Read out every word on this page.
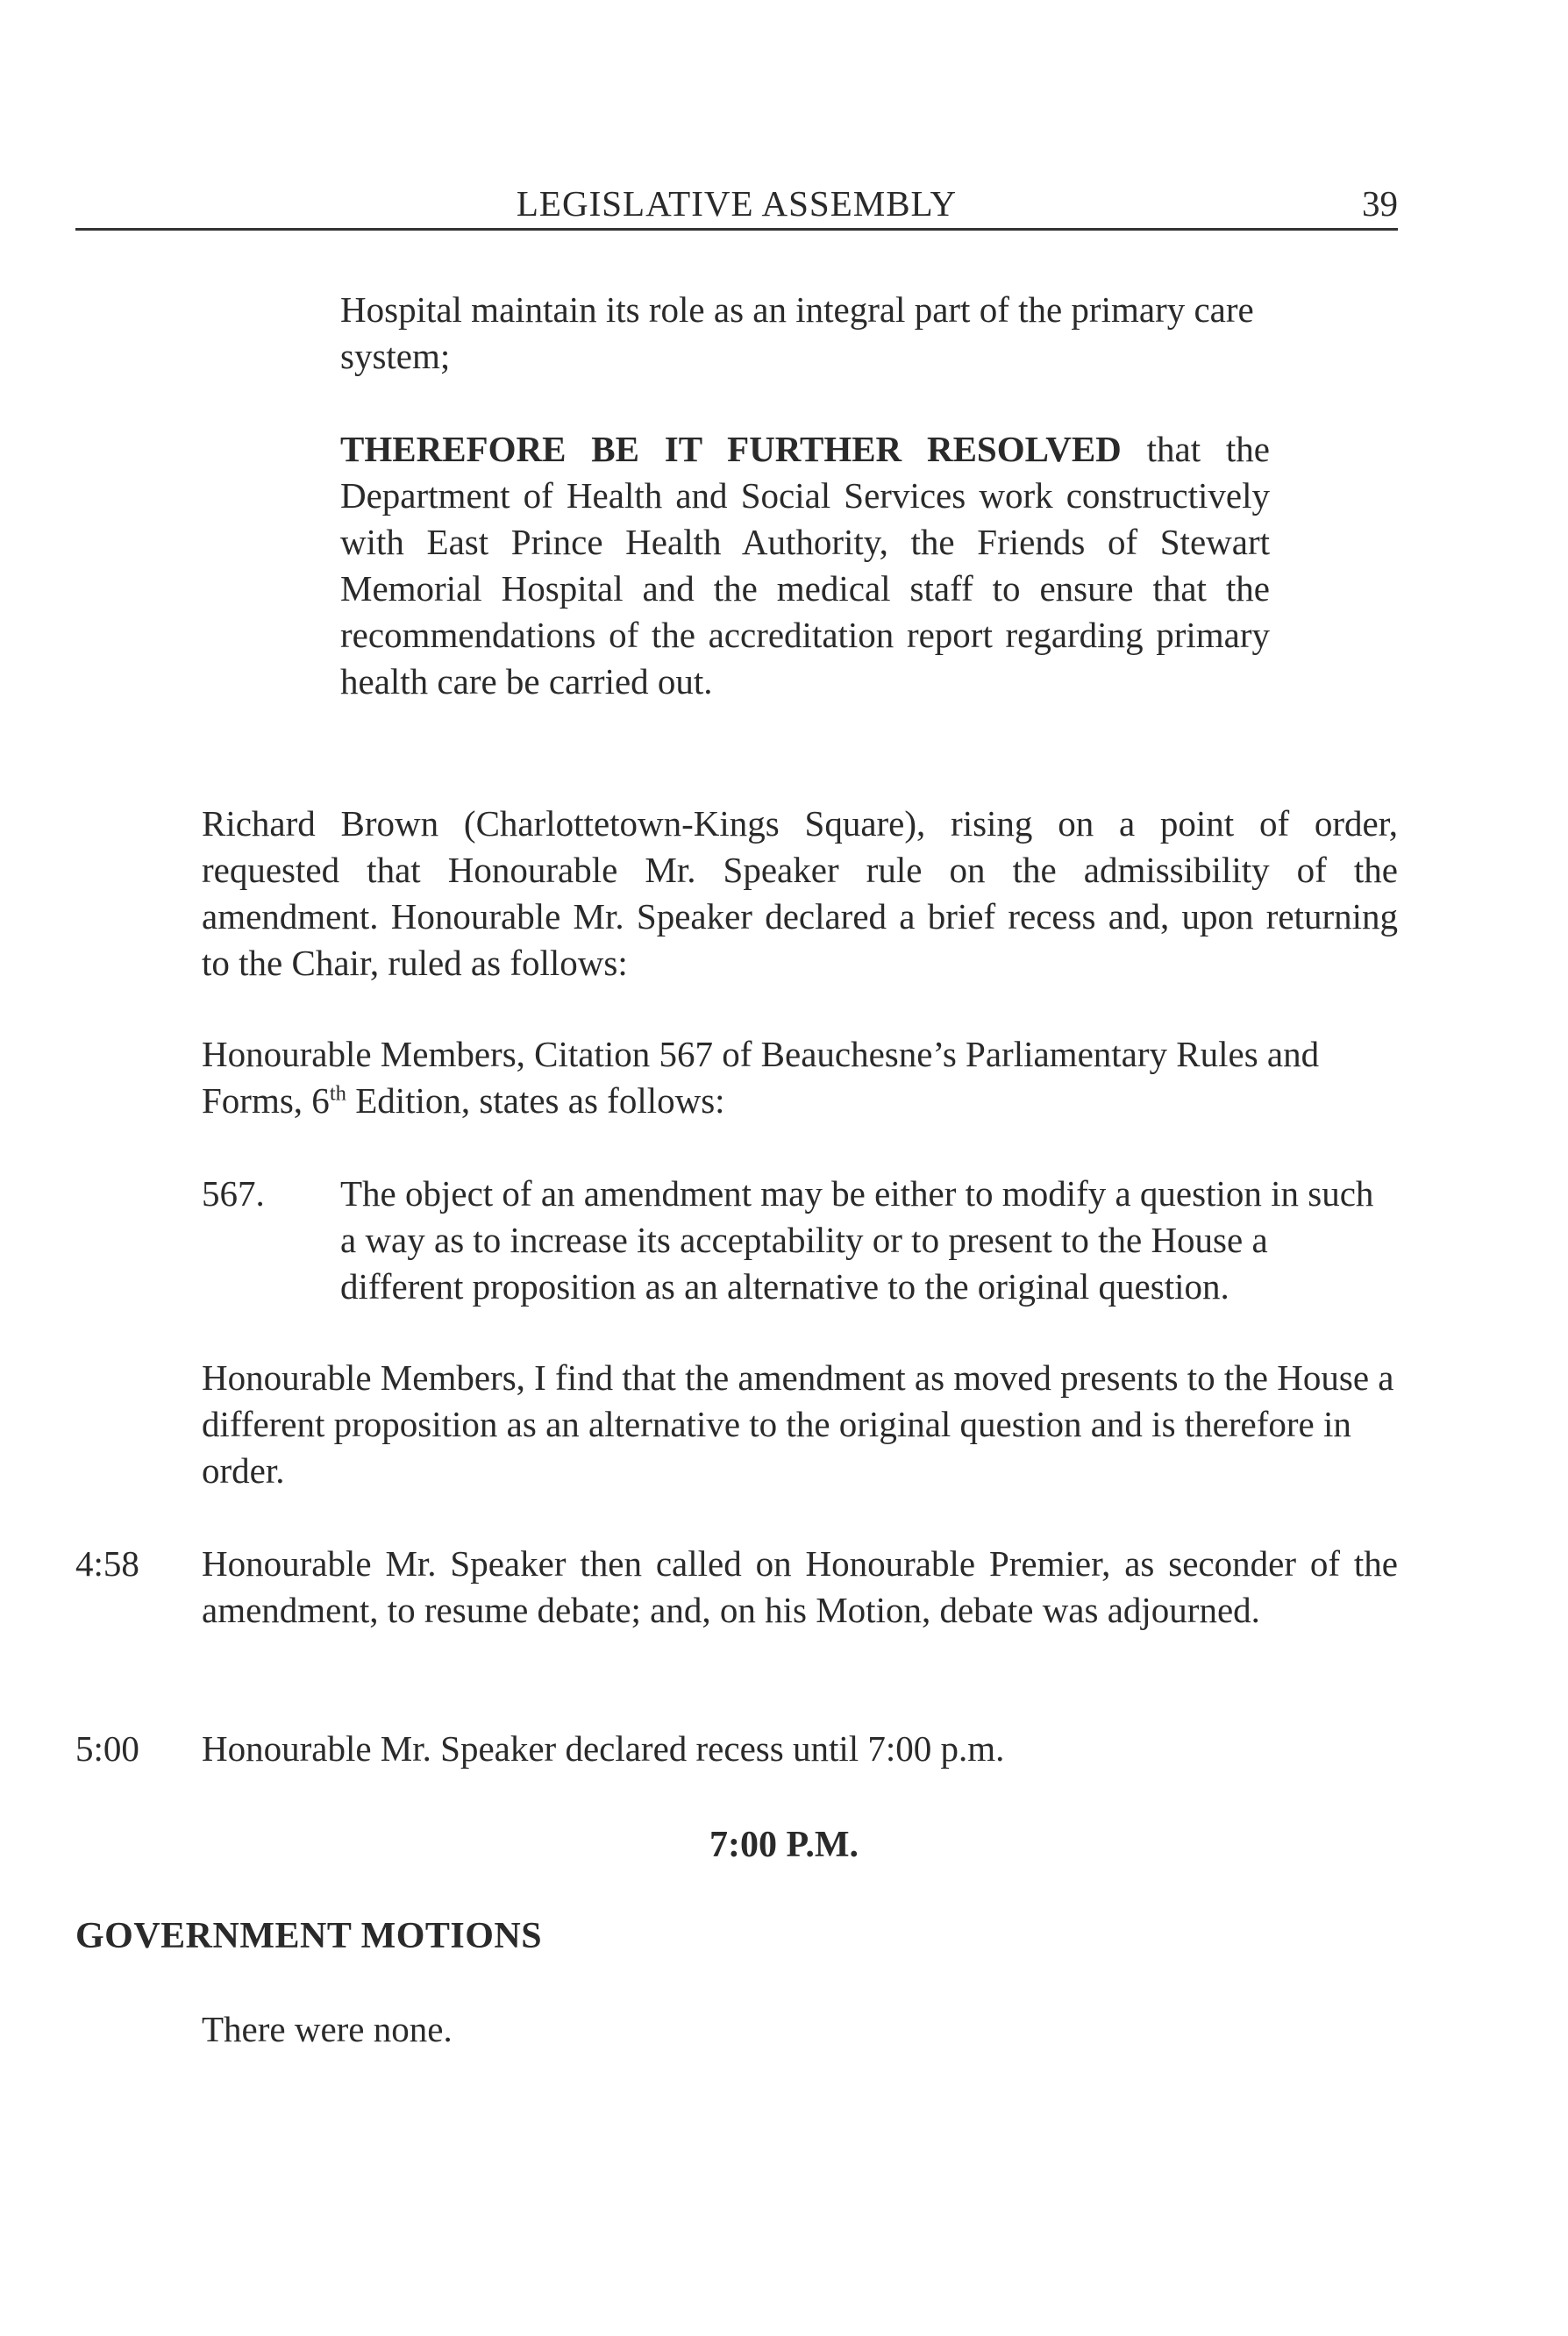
LEGISLATIVE ASSEMBLY	39

Hospital maintain its role as an integral part of the primary care system;

THEREFORE BE IT FURTHER RESOLVED that the Department of Health and Social Services work constructively with East Prince Health Authority, the Friends of Stewart Memorial Hospital and the medical staff to ensure that the recommendations of the accreditation report regarding primary health care be carried out.

Richard Brown (Charlottetown-Kings Square), rising on a point of order, requested that Honourable Mr. Speaker rule on the admissibility of the amendment. Honourable Mr. Speaker declared a brief recess and, upon returning to the Chair, ruled as follows:

Honourable Members, Citation 567 of Beauchesne’s Parliamentary Rules and Forms, 6th Edition, states as follows:

567. The object of an amendment may be either to modify a question in such a way as to increase its acceptability or to present to the House a different proposition as an alternative to the original question.

Honourable Members, I find that the amendment as moved presents to the House a different proposition as an alternative to the original question and is therefore in order.

4:58 Honourable Mr. Speaker then called on Honourable Premier, as seconder of the amendment, to resume debate; and, on his Motion, debate was adjourned.

5:00 Honourable Mr. Speaker declared recess until 7:00 p.m.

7:00 P.M.
GOVERNMENT MOTIONS

There were none.
